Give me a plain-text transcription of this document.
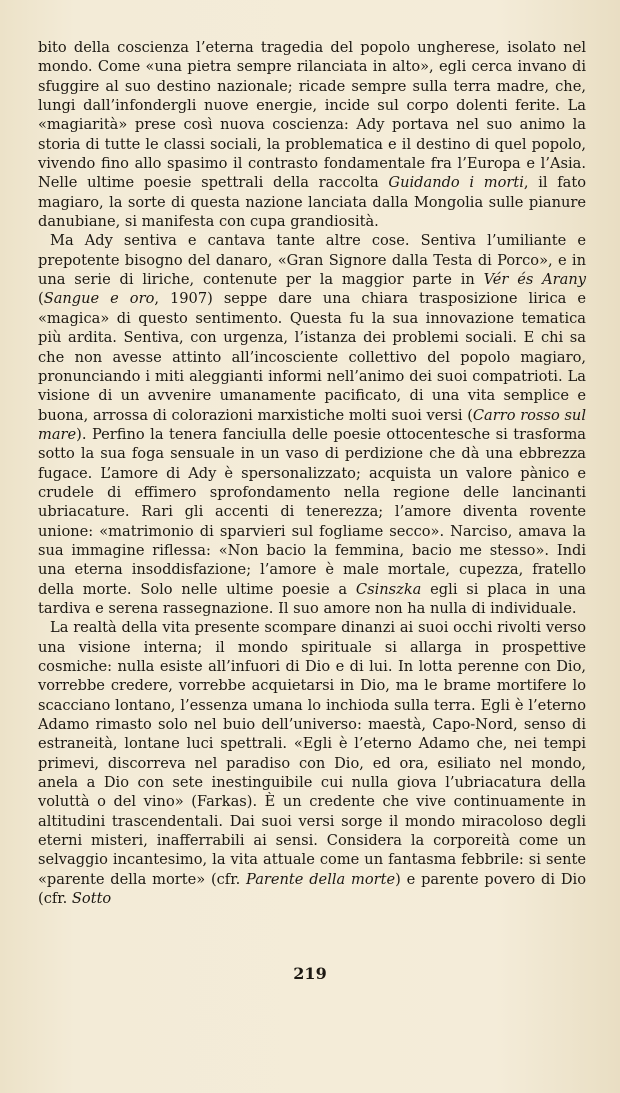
bito della coscienza l’eterna tragedia del popolo ungherese, isolato nel mondo. Come «una pietra sempre rilanciata in alto», egli cerca invano di sfuggire al suo destino nazionale; ricade sempre sulla terra madre, che, lungi dall’infondergli nuove energie, incide sul corpo dolenti ferite. La «magiarità» prese così nuova coscienza: Ady portava nel suo animo la storia di tutte le classi sociali, la problematica e il destino di quel popolo, vivendo fino allo spasimo il contrasto fondamentale fra l’Europa e l’Asia. Nelle ultime poesie spettrali della raccolta Guidando i morti, il fato magiaro, la sorte di questa nazione lanciata dalla Mongolia sulle pianure danubiane, si manifesta con cupa grandiosità.

Ma Ady sentiva e cantava tante altre cose. Sentiva l’umiliante e prepotente bisogno del danaro, «Gran Signore dalla Testa di Porco», e in una serie di liriche, contenute per la maggior parte in Vér és Arany (Sangue e oro, 1907) seppe dare una chiara trasposizione lirica e «magica» di questo sentimento. Questa fu la sua innovazione tematica più ardita. Sentiva, con urgenza, l’istanza dei problemi sociali. E chi sa che non avesse attinto all’incosciente collettivo del popolo magiaro, pronunciando i miti aleggianti informi nell’animo dei suoi compatrioti. La visione di un avvenire umanamente pacificato, di una vita semplice e buona, arrossa di colorazioni marxistiche molti suoi versi (Carro rosso sul mare). Perfino la tenera fanciulla delle poesie ottocentesche si trasforma sotto la sua foga sensuale in un vaso di perdizione che dà una ebbrezza fugace. L’amore di Ady è spersonalizzato; acquista un valore pànico e crudele di effimero sprofondamento nella regione delle lancinanti ubriacature. Rari gli accenti di tenerezza; l’amore diventa rovente unione: «matrimonio di sparvieri sul fogliame secco». Narciso, amava la sua immagine riflessa: «Non bacio la femmina, bacio me stesso». Indi una eterna insoddisfazione; l’amore è male mortale, cupezza, fratello della morte. Solo nelle ultime poesie a Csinszka egli si placa in una tardiva e serena rassegnazione. Il suo amore non ha nulla di individuale.

La realtà della vita presente scompare dinanzi ai suoi occhi rivolti verso una visione interna; il mondo spirituale si allarga in prospettive cosmiche: nulla esiste all’infuori di Dio e di lui. In lotta perenne con Dio, vorrebbe credere, vorrebbe acquietarsi in Dio, ma le brame mortifere lo scacciano lontano, l’essenza umana lo inchioda sulla terra. Egli è l’eterno Adamo rimasto solo nel buio dell’universo: maestà, Capo-Nord, senso di estraneità, lontane luci spettrali. «Egli è l’eterno Adamo che, nei tempi primevi, discorreva nel paradiso con Dio, ed ora, esiliato nel mondo, anela a Dio con sete inestinguibile cui nulla giova l’ubriacatura della voluttà o del vino» (Farkas). È un credente che vive continuamente in altitudini trascendentali. Dai suoi versi sorge il mondo miracoloso degli eterni misteri, inafferrabili ai sensi. Considera la corporeità come un selvaggio incantesimo, la vita attuale come un fantasma febbrile: si sente «parente della morte» (cfr. Parente della morte) e parente povero di Dio (cfr. Sotto

219
